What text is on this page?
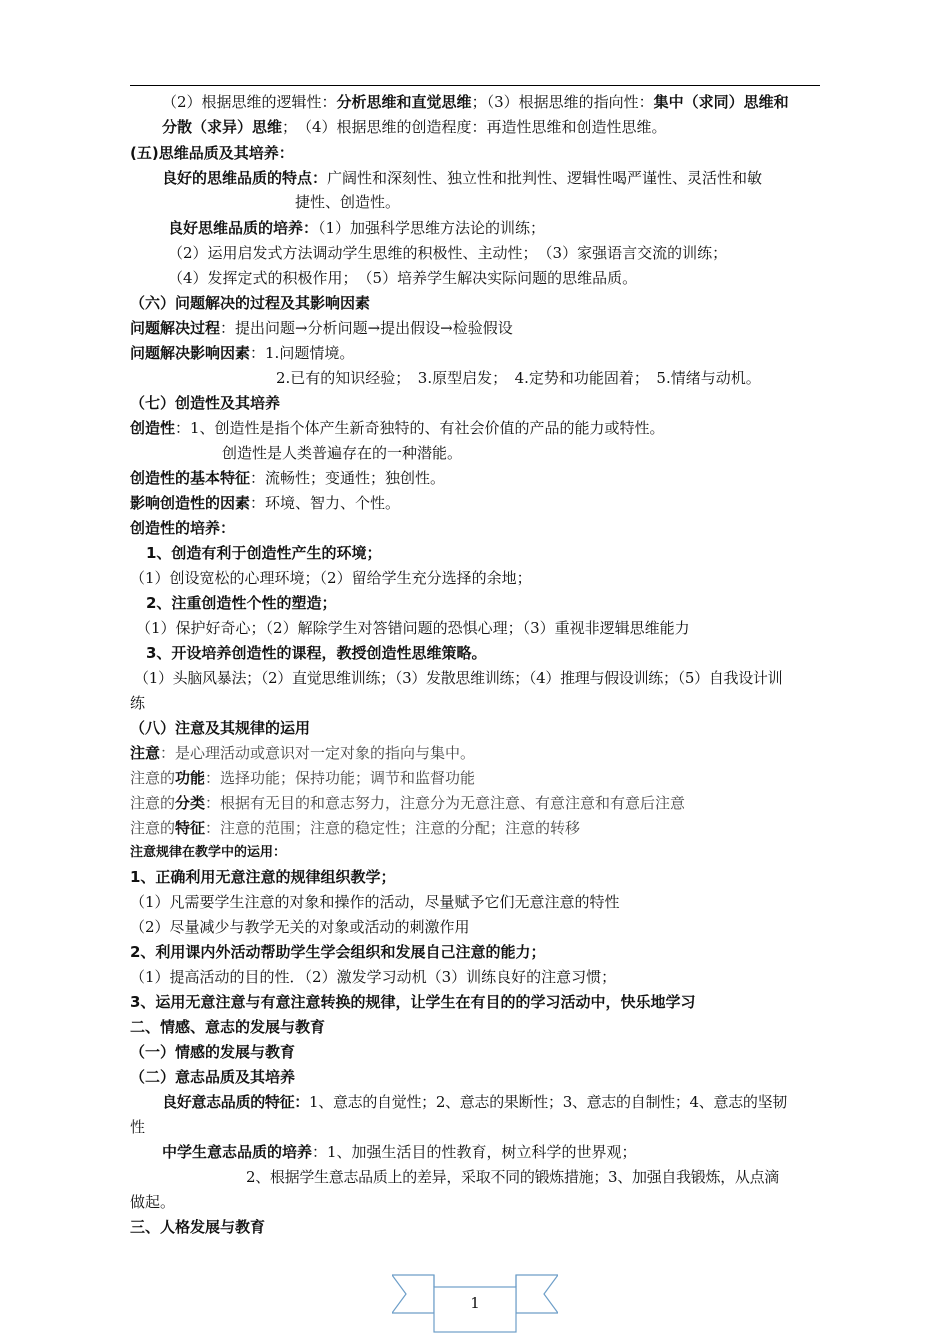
（2）根据思维的逻辑性：分析思维和直觉思维；（3）根据思维的指向性：集中（求同）思维和
分散（求异）思维；　（4）根据思维的创造程度：再造性思维和创造性思维。
(五)思维品质及其培养：
良好的思维品质的特点：广阔性和深刻性、独立性和批判性、逻辑性喝严谨性、灵活性和敏
捷性、创造性。
良好思维品质的培养：（1）加强科学思维方法论的训练；
（2）运用启发式方法调动学生思维的积极性、主动性；　（3）家强语言交流的训练；
（4）发挥定式的积极作用；　（5）培养学生解决实际问题的思维品质。
（六）问题解决的过程及其影响因素
问题解决过程：提出问题→分析问题→提出假设→检验假设
问题解决影响因素：1.问题情境。
2.已有的知识经验；　3.原型启发；　4.定势和功能固着；　5.情绪与动机。
（七）创造性及其培养
创造性：1、创造性是指个体产生新奇独特的、有社会价值的产品的能力或特性。
创造性是人类普遍存在的一种潜能。
创造性的基本特征：流畅性；变通性；独创性。
影响创造性的因素：环境、智力、个性。
创造性的培养：
1、创造有利于创造性产生的环境；
（1）创设宽松的心理环境；（2）留给学生充分选择的余地；
2、注重创造性个性的塑造；
（1）保护好奇心；（2）解除学生对答错问题的恐惧心理；（3）重视非逻辑思维能力
3、开设培养创造性的课程，教授创造性思维策略。
（1）头脑风暴法；（2）直觉思维训练；（3）发散思维训练；（4）推理与假设训练；（5）自我设计训
练
（八）注意及其规律的运用
注意：是心理活动或意识对一定对象的指向与集中。
注意的功能：选择功能；保持功能；调节和监督功能
注意的分类：根据有无目的和意志努力，注意分为无意注意、有意注意和有意后注意
注意的特征：注意的范围；注意的稳定性；注意的分配；注意的转移
注意规律在教学中的运用：
1、正确利用无意注意的规律组织教学；
（1）凡需要学生注意的对象和操作的活动，尽量赋予它们无意注意的特性
（2）尽量减少与教学无关的对象或活动的刺激作用
2、利用课内外活动帮助学生学会组织和发展自己注意的能力；
（1）提高活动的目的性．（2）激发学习动机（3）训练良好的注意习惯；
3、运用无意注意与有意注意转换的规律，让学生在有目的的学习活动中，快乐地学习
二、情感、意志的发展与教育
（一）情感的发展与教育
（二）意志品质及其培养
良好意志品质的特征：1、意志的自觉性；2、意志的果断性；3、意志的自制性；4、意志的坚韧
性
中学生意志品质的培养：1、加强生活目的性教育，树立科学的世界观；
2、根据学生意志品质上的差异，采取不同的锻炼措施；3、加强自我锻炼，从点滴
做起。
三、人格发展与教育
1
